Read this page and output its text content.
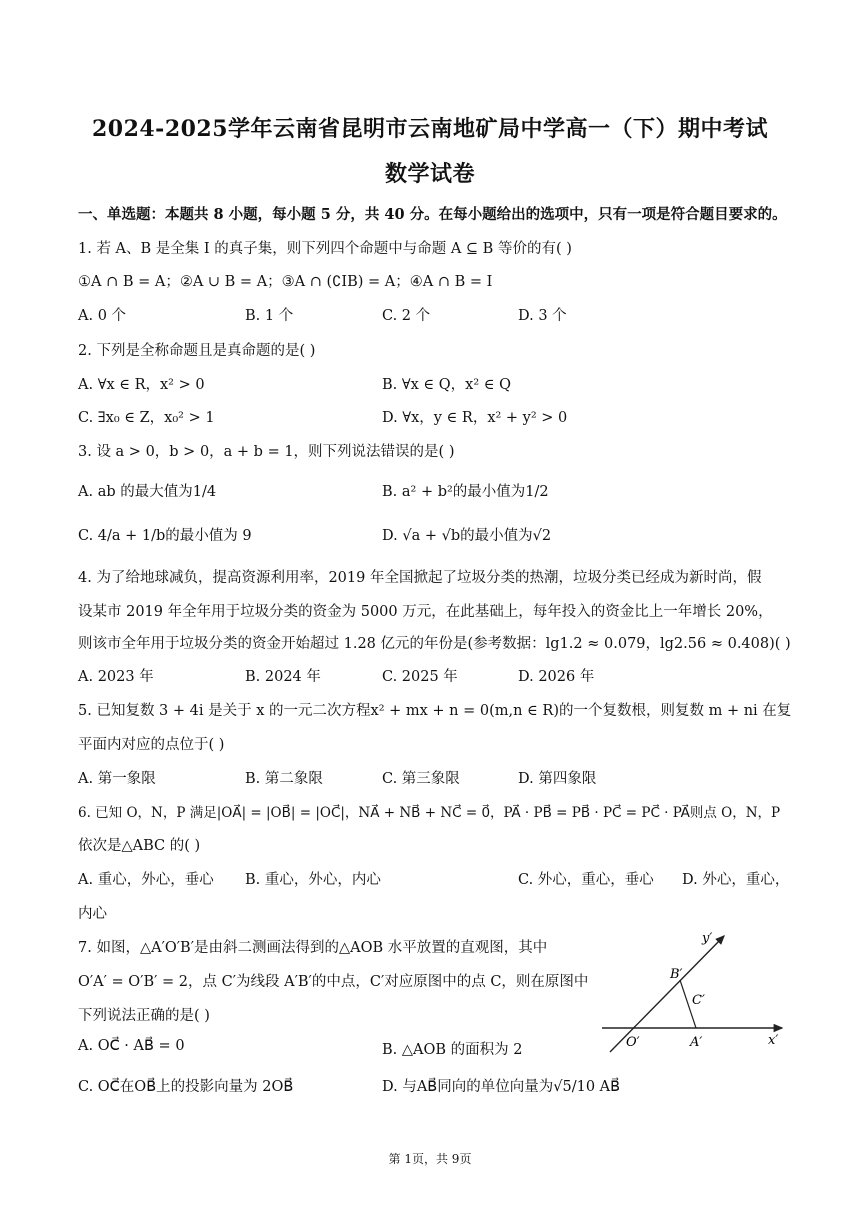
2024-2025学年云南省昆明市云南地矿局中学高一（下）期中考试
数学试卷
一、单选题：本题共 8 小题，每小题 5 分，共 40 分。在每小题给出的选项中，只有一项是符合题目要求的。
1. 若 A、B 是全集 I 的真子集，则下列四个命题中与命题 A ⊆ B 等价的有( )
①A ∩ B = A；②A ∪ B = A；③A ∩ (∁IB) = A；④A ∩ B = I
A. 0 个	B. 1 个	C. 2 个	D. 3 个
2. 下列是全称命题且是真命题的是( )
A. ∀x ∈ R，x² > 0	B. ∀x ∈ Q，x² ∈ Q
C. ∃x₀ ∈ Z，x₀² > 1	D. ∀x，y ∈ R，x² + y² > 0
3. 设 a > 0，b > 0，a + b = 1，则下列说法错误的是( )
A. ab 的最大值为1/4	B. a² + b²的最小值为1/2
C. 4/a + 1/b的最小值为 9	D. √a + √b的最小值为√2
4. 为了给地球减负，提高资源利用率，2019 年全国掀起了垃圾分类的热潮，垃圾分类已经成为新时尚，假
设某市 2019 年全年用于垃圾分类的资金为 5000 万元，在此基础上，每年投入的资金比上一年增长 20%，
则该市全年用于垃圾分类的资金开始超过 1.28 亿元的年份是(参考数据：lg1.2 ≈ 0.079，lg2.56 ≈ 0.408)( )
A. 2023 年	B. 2024 年	C. 2025 年	D. 2026 年
5. 已知复数 3 + 4i 是关于 x 的一元二次方程x² + mx + n = 0(m,n ∈ R)的一个复数根，则复数 m + ni 在复
平面内对应的点位于( )
A. 第一象限	B. 第二象限	C. 第三象限	D. 第四象限
6. 已知 O，N，P 满足|OA⃗| = |OB⃗| = |OC⃗|，NA⃗ + NB⃗ + NC⃗ = 0⃗，PA⃗ · PB⃗ = PB⃗ · PC⃗ = PC⃗ · PA⃗则点 O，N，P
依次是△ABC 的( )
A. 重心，外心，垂心 B. 重心，外心，内心	C. 外心，重心，垂心 D. 外心，重心，
内心
7. 如图，△A′O′B′是由斜二测画法得到的△AOB 水平放置的直观图，其中
O′A′ = O′B′ = 2，点 C′为线段 A′B′的中点，C′对应原图中的点 C，则在原图中
下列说法正确的是( )
A. OC⃗ · AB⃗ = 0	B. △AOB 的面积为 2
C. OC⃗在OB⃗上的投影向量为 2OB⃗	D. 与AB⃗同向的单位向量为√5/10 AB⃗
y′
B′
C′
O′	A′	x′
第 1页，共 9页
